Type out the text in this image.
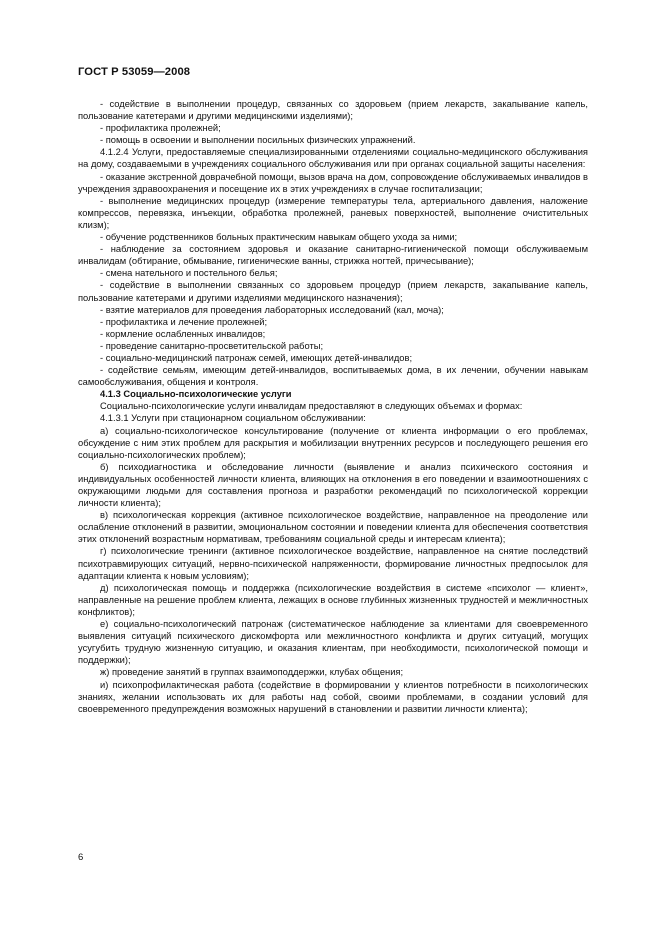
ГОСТ Р 53059—2008

- содействие в выполнении процедур, связанных со здоровьем (прием лекарств, закапывание капель, пользование катетерами и другими медицинскими изделиями);

- профилактика пролежней;

- помощь в освоении и выполнении посильных физических упражнений.

4.1.2.4 Услуги, предоставляемые специализированными отделениями социально-медицинского обслуживания на дому, создаваемыми в учреждениях социального обслуживания или при органах социальной защиты населения:

- оказание экстренной доврачебной помощи, вызов врача на дом, сопровождение обслуживаемых инвалидов в учреждения здравоохранения и посещение их в этих учреждениях в случае госпитализации;

- выполнение медицинских процедур (измерение температуры тела, артериального давления, наложение компрессов, перевязка, инъекции, обработка пролежней, раневых поверхностей, выполнение очистительных клизм);

- обучение родственников больных практическим навыкам общего ухода за ними;

- наблюдение за состоянием здоровья и оказание санитарно-гигиенической помощи обслуживаемым инвалидам (обтирание, обмывание, гигиенические ванны, стрижка ногтей, причесывание);

- смена нательного и постельного белья;

- содействие в выполнении связанных со здоровьем процедур (прием лекарств, закапывание капель, пользование катетерами и другими изделиями медицинского назначения);

- взятие материалов для проведения лабораторных исследований (кал, моча);

- профилактика и лечение пролежней;

- кормление ослабленных инвалидов;

- проведение санитарно-просветительской работы;

- социально-медицинский патронаж семей, имеющих детей-инвалидов;

- содействие семьям, имеющим детей-инвалидов, воспитываемых дома, в их лечении, обучении навыкам самообслуживания, общения и контроля.

4.1.3 Социально-психологические услуги

Социально-психологические услуги инвалидам предоставляют в следующих объемах и формах:

4.1.3.1 Услуги при стационарном социальном обслуживании:

а) социально-психологическое консультирование (получение от клиента информации о его проблемах, обсуждение с ним этих проблем для раскрытия и мобилизации внутренних ресурсов и последующего решения его социально-психологических проблем);

б) психодиагностика и обследование личности (выявление и анализ психического состояния и индивидуальных особенностей личности клиента, влияющих на отклонения в его поведении и взаимоотношениях с окружающими людьми для составления прогноза и разработки рекомендаций по психологической коррекции личности клиента);

в) психологическая коррекция (активное психологическое воздействие, направленное на преодоление или ослабление отклонений в развитии, эмоциональном состоянии и поведении клиента для обеспечения соответствия этих отклонений возрастным нормативам, требованиям социальной среды и интересам клиента);

г) психологические тренинги (активное психологическое воздействие, направленное на снятие последствий психотравмирующих ситуаций, нервно-психической напряженности, формирование личностных предпосылок для адаптации клиента к новым условиям);

д) психологическая помощь и поддержка (психологические воздействия в системе «психолог — клиент», направленные на решение проблем клиента, лежащих в основе глубинных жизненных трудностей и межличностных конфликтов);

е) социально-психологический патронаж (систематическое наблюдение за клиентами для своевременного выявления ситуаций психического дискомфорта или межличностного конфликта и других ситуаций, могущих усугубить трудную жизненную ситуацию, и оказания клиентам, при необходимости, психологической помощи и поддержки);

ж) проведение занятий в группах взаимоподдержки, клубах общения;

и) психопрофилактическая работа (содействие в формировании у клиентов потребности в психологических знаниях, желании использовать их для работы над собой, своими проблемами, в создании условий для своевременного предупреждения возможных нарушений в становлении и развитии личности клиента);

6
